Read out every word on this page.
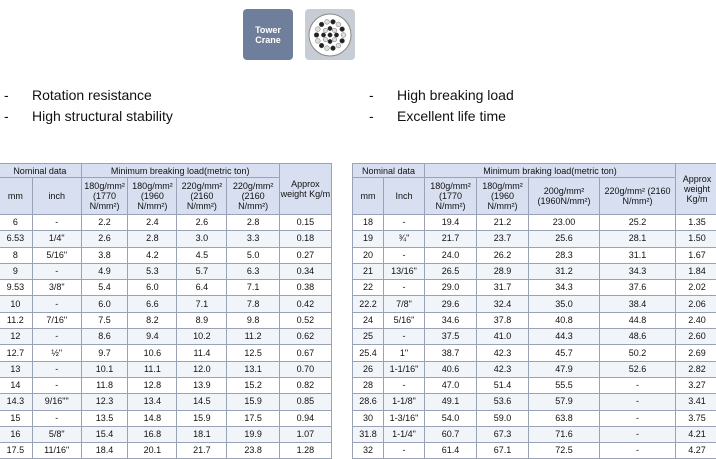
Tower
Crane
-	Rotation resistance
-	High structural stability
-	High breaking load
-	Excellent life time
Nominal data		Minimum breaking load(metric ton)				Approx weight Kg/m
mm	inch	180g/mm² (1770 N/mm²)	180g/mm² (1960 N/mm²)	220g/mm² (2160 N/mm²)	220g/mm² (2160 N/mm²)	
6	-	2.2	2.4	2.6	2.8	0.15
6.53	1/4"	2.6	2.8	3.0	3.3	0.18
8	5/16"	3.8	4.2	4.5	5.0	0.27
9	-	4.9	5.3	5.7	6.3	0.34
9.53	3/8"	5.4	6.0	6.4	7.1	0.38
10	-	6.0	6.6	7.1	7.8	0.42
11.2	7/16"	7.5	8.2	8.9	9.8	0.52
12	-	8.6	9.4	10.2	11.2	0.62
12.7	½"	9.7	10.6	11.4	12.5	0.67
13	-	10.1	11.1	12.0	13.1	0.70
14	-	11.8	12.8	13.9	15.2	0.82
14.3	9/16""	12.3	13.4	14.5	15.9	0.85
15	-	13.5	14.8	15.9	17.5	0.94
16	5/8"	15.4	16.8	18.1	19.9	1.07
17.5	11/16"	18.4	20.1	21.7	23.8	1.28
Nominal data		Minimum braking load(metric ton)				Approx weight Kg/m
mm	Inch	180g/mm² (1770 N/mm²)	180g/mm² (1960 N/mm²)	200g/mm² (1960N/mm²)	220g/mm² (2160 N/mm²)	
18	-	19.4	21.2	23.00	25.2	1.35
19	¾"	21.7	23.7	25.6	28.1	1.50
20	-	24.0	26.2	28.3	31.1	1.67
21	13/16"	26.5	28.9	31.2	34.3	1.84
22	-	29.0	31.7	34.3	37.6	2.02
22.2	7/8"	29.6	32.4	35.0	38.4	2.06
24	5/16"	34.6	37.8	40.8	44.8	2.40
25	-	37.5	41.0	44.3	48.6	2.60
25.4	1"	38.7	42.3	45.7	50.2	2.69
26	1-1/16"	40.6	42.3	47.9	52.6	2.82
28	-	47.0	51.4	55.5	-	3.27
28.6	1-1/8"	49.1	53.6	57.9	-	3.41
30	1-3/16"	54.0	59.0	63.8	-	3.75
31.8	1-1/4"	60.7	67.3	71.6	-	4.21
32	-	61.4	67.1	72.5	-	4.27
